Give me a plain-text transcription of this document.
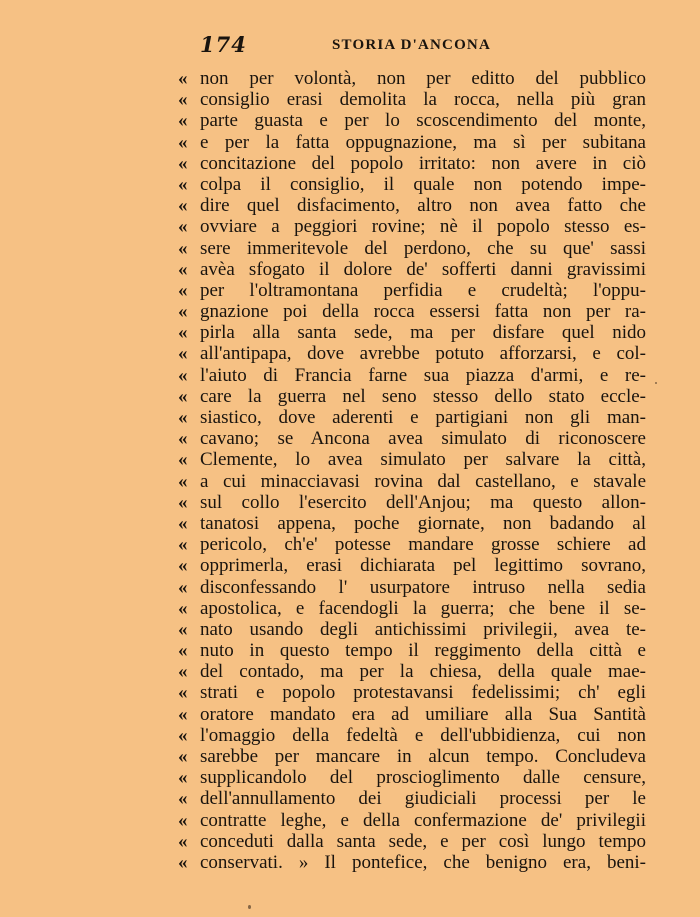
174	STORIA D'ANCONA
« non per volontà, non per editto del pubblico
« consiglio erasi demolita la rocca, nella più gran
« parte guasta e per lo scoscendimento del monte,
« e per la fatta oppugnazione, ma sì per subitana
« concitazione del popolo irritato: non avere in ciò
« colpa il consiglio, il quale non potendo impe-
« dire quel disfacimento, altro non avea fatto che
« ovviare a peggiori rovine; nè il popolo stesso es-
« sere immeritevole del perdono, che su que' sassi
« avèa sfogato il dolore de' sofferti danni gravissimi
« per l'oltramontana perfidia e crudeltà; l'oppu-
« gnazione poi della rocca essersi fatta non per ra-
« pirla alla santa sede, ma per disfare quel nido
« all'antipapa, dove avrebbe potuto afforzarsi, e col-
« l'aiuto di Francia farne sua piazza d'armi, e re-
« care la guerra nel seno stesso dello stato eccle-
« siastico, dove aderenti e partigiani non gli man-
« cavano; se Ancona avea simulato di riconoscere
« Clemente, lo avea simulato per salvare la città,
« a cui minacciavasi rovina dal castellano, e stavale
« sul collo l'esercito dell'Anjou; ma questo allon-
« tanatosi appena, poche giornate, non badando al
« pericolo, ch'e' potesse mandare grosse schiere ad
« opprimerla, erasi dichiarata pel legittimo sovrano,
« disconfessando l' usurpatore intruso nella sedia
« apostolica, e facendogli la guerra; che bene il se-
« nato usando degli antichissimi privilegii, avea te-
« nuto in questo tempo il reggimento della città e
« del contado, ma per la chiesa, della quale mae-
« strati e popolo protestavansi fedelissimi; ch' egli
« oratore mandato era ad umiliare alla Sua Santità
« l'omaggio della fedeltà e dell'ubbidienza, cui non
« sarebbe per mancare in alcun tempo. Concludeva
« supplicandolo del proscioglimento dalle censure,
« dell'annullamento dei giudiciali processi per le
« contratte leghe, e della confermazione de' privilegii
« conceduti dalla santa sede, e per così lungo tempo
« conservati. » Il pontefice, che benigno era, beni-
